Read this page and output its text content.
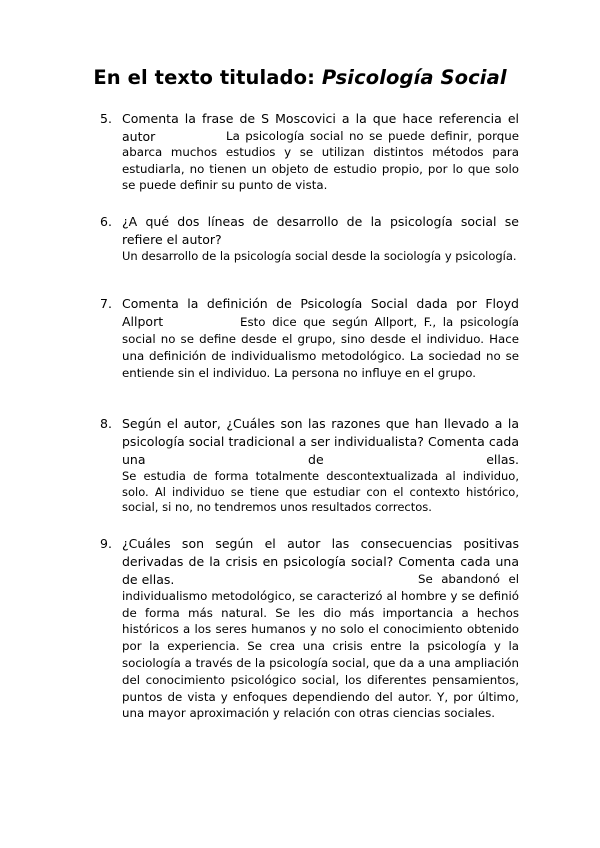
En el texto titulado: Psicología Social
5. Comenta la frase de S Moscovici a la que hace referencia el autor	La psicología social no se puede definir, porque abarca muchos estudios y se utilizan distintos métodos para estudiarla, no tienen un objeto de estudio propio, por lo que solo se puede definir su punto de vista.
6. ¿A qué dos líneas de desarrollo de la psicología social se refiere el autor?
Un desarrollo de la psicología social desde la sociología y psicología.
7. Comenta la definición de Psicología Social dada por Floyd Allport	Esto dice que según Allport, F., la psicología social no se define desde el grupo, sino desde el individuo. Hace una definición de individualismo metodológico. La sociedad no se entiende sin el individuo. La persona no influye en el grupo.
8. Según el autor, ¿Cuáles son las razones que han llevado a la psicología social tradicional a ser individualista? Comenta cada una de ellas.
Se estudia de forma totalmente descontextualizada al individuo, solo. Al individuo se tiene que estudiar con el contexto histórico, social, si no, no tendremos unos resultados correctos.
9. ¿Cuáles son según el autor las consecuencias positivas derivadas de la crisis en psicología social? Comenta cada una de ellas.	Se abandonó el individualismo metodológico, se caracterizó al hombre y se definió de forma más natural. Se les dio más importancia a hechos históricos a los seres humanos y no solo el conocimiento obtenido por la experiencia. Se crea una crisis entre la psicología y la sociología a través de la psicología social, que da a una ampliación del conocimiento psicológico social, los diferentes pensamientos, puntos de vista y enfoques dependiendo del autor. Y, por último, una mayor aproximación y relación con otras ciencias sociales.
